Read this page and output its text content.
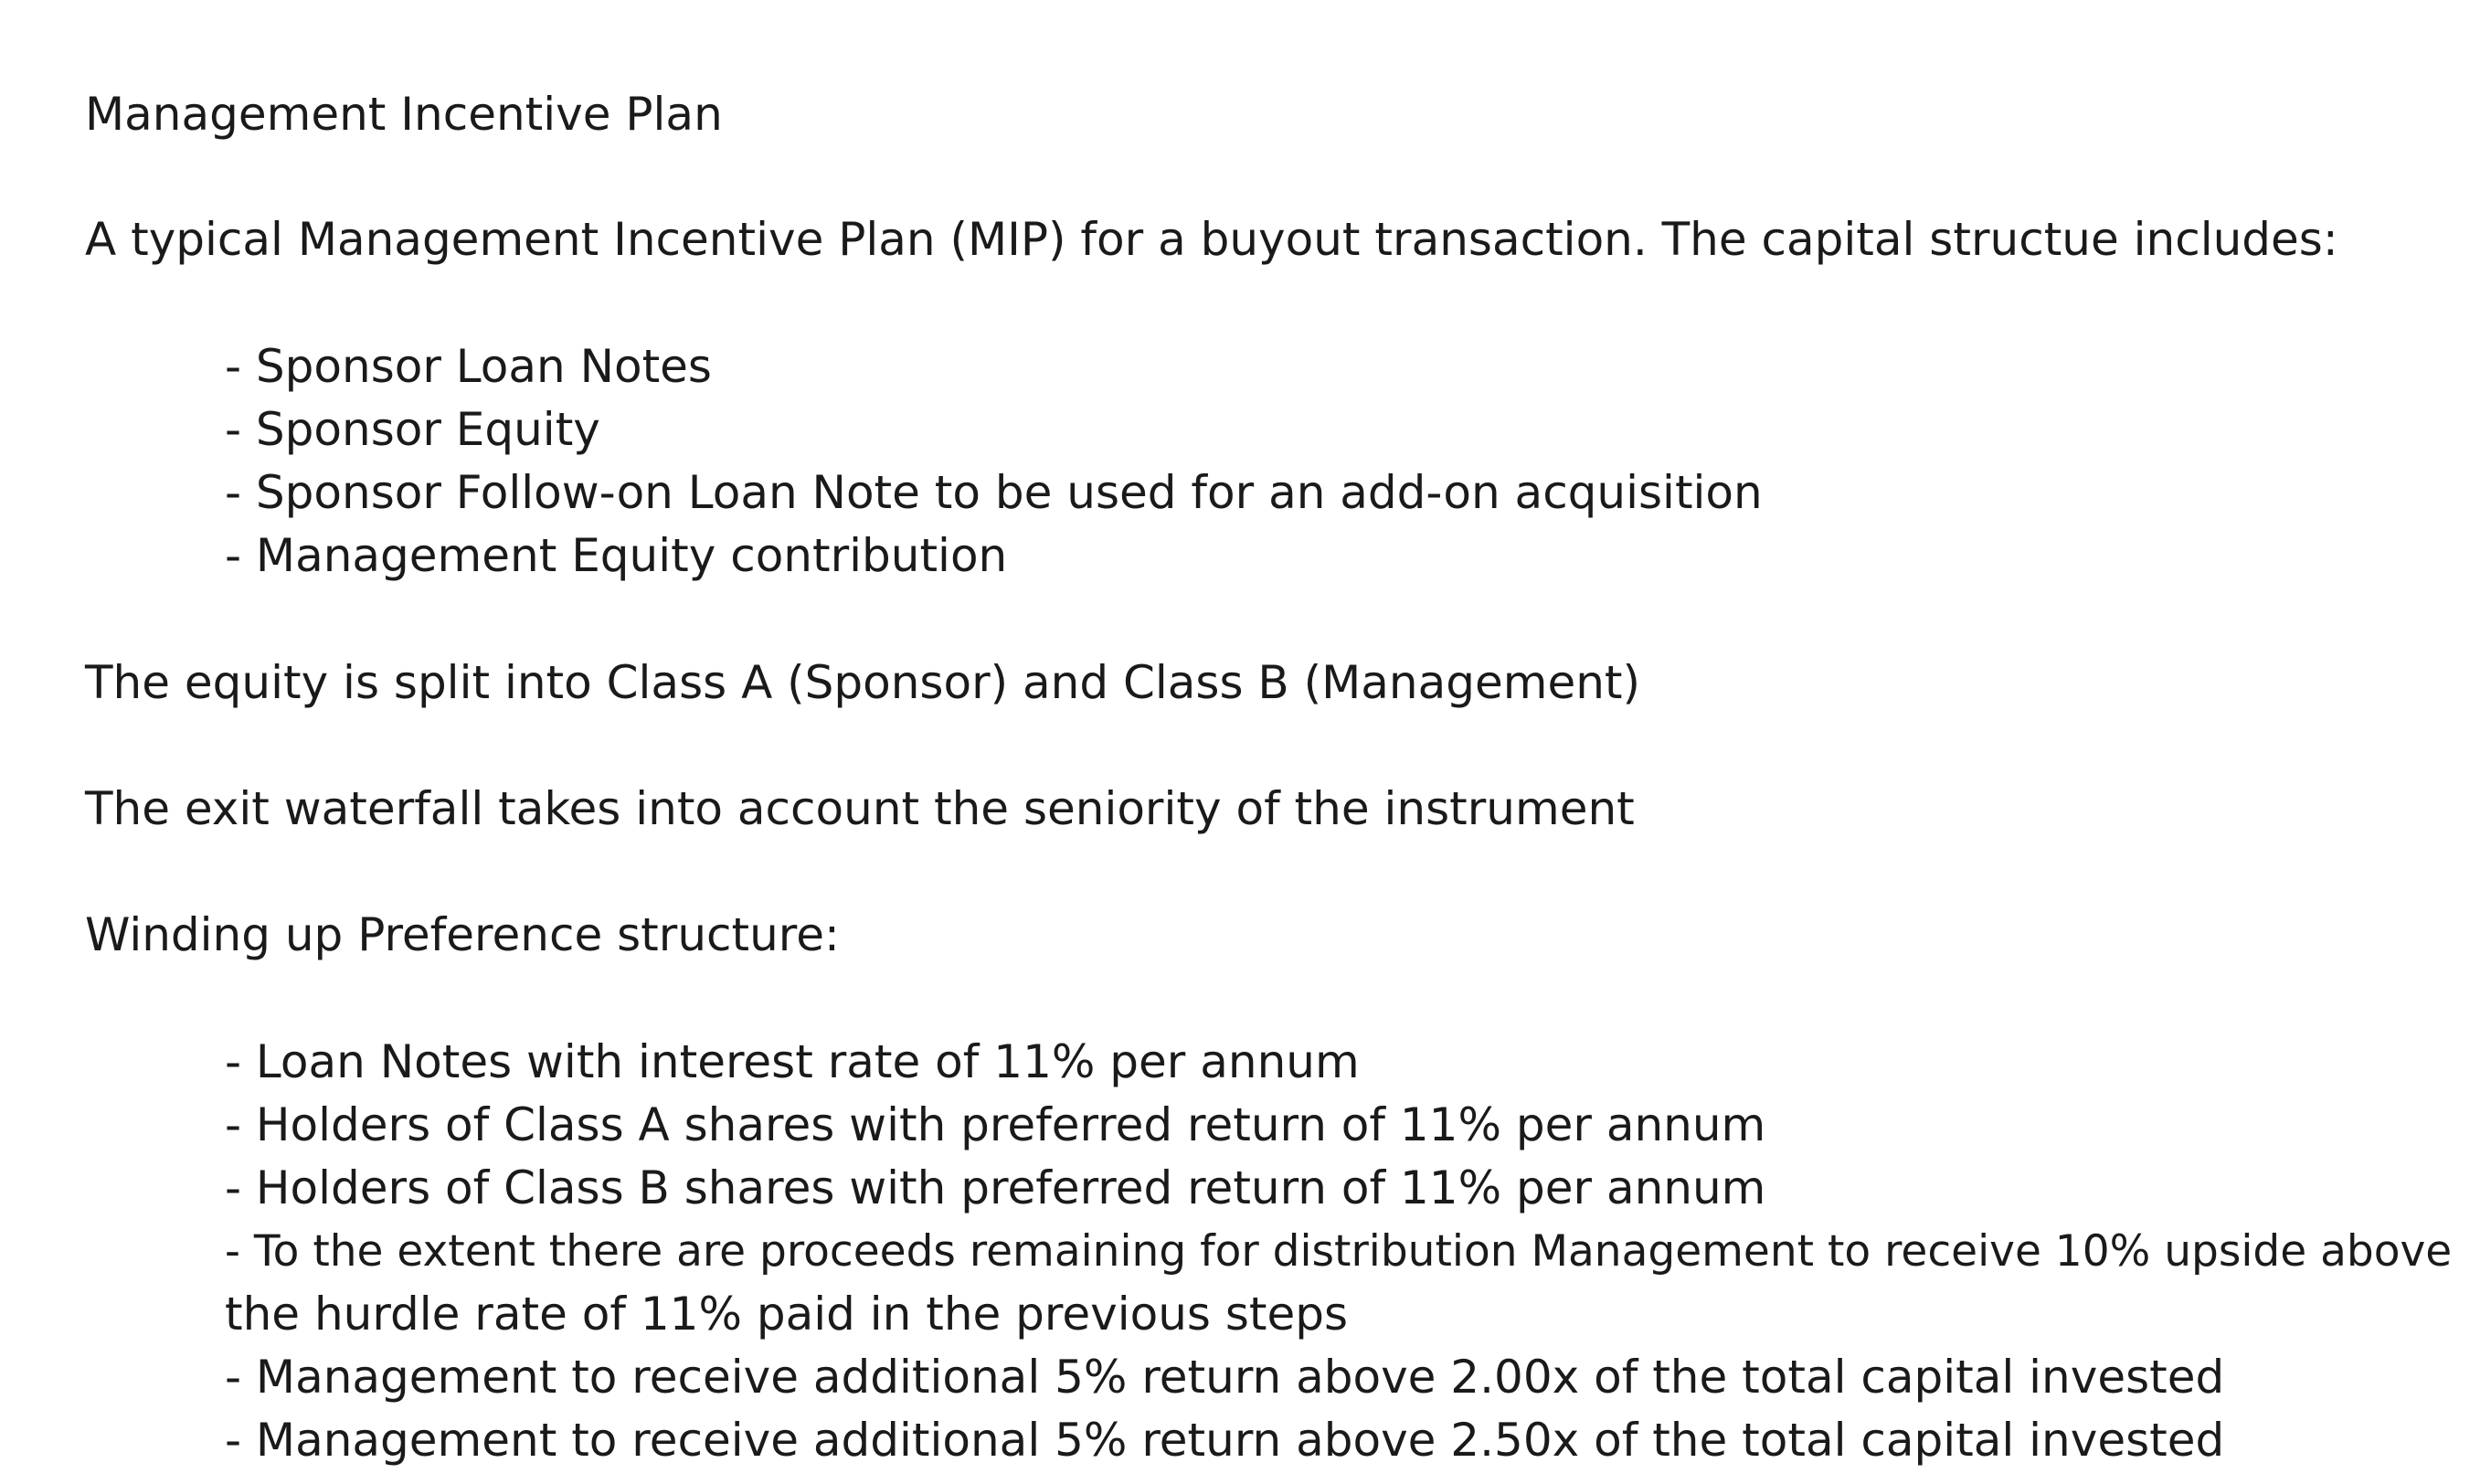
Management Incentive Plan
A typical Management Incentive Plan (MIP) for a buyout transaction. The capital structue includes:
- Sponsor Loan Notes
- Sponsor Equity
- Sponsor Follow-on Loan Note to be used for an add-on acquisition
- Management Equity contribution
The equity is split into Class A (Sponsor) and Class B (Management)
The exit waterfall takes into account the seniority of the instrument
Winding up Preference structure:
- Loan Notes with interest rate of 11% per annum
- Holders of Class A shares with preferred return of 11% per annum
- Holders of Class B shares with preferred return of 11% per annum
- To the extent there are proceeds remaining for distribution Management to receive 10% upside above
the hurdle rate of 11% paid in the previous steps
- Management to receive additional 5% return above 2.00x of the total capital invested
- Management to receive additional 5% return above 2.50x of the total capital invested
